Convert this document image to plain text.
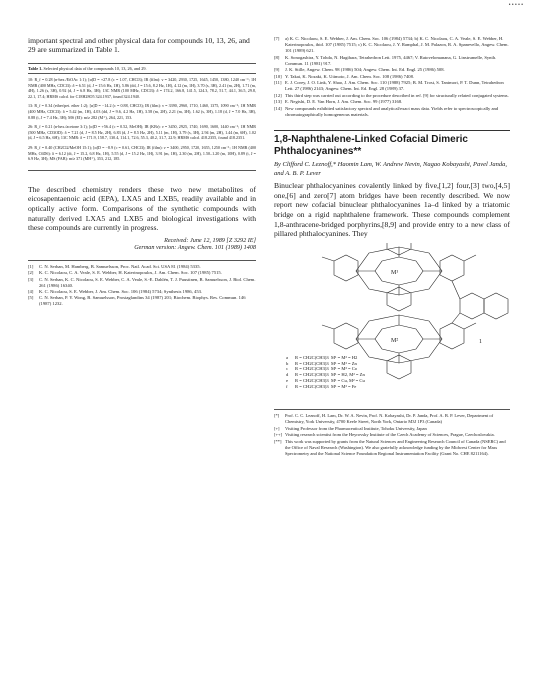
• • • • •

important spectral and other physical data for compounds 10, 13, 26, and 29 are summarized in Table 1.

Table 1. Selected physical data of the compounds 10, 13, 26, and 29.

10: R_f = 0.28 (n-hex./EtOAc 1:1); [α]D = +27.8 (c = 1.07, CHCl3); IR (film): ν = 3420, 2930, 1725, 1645, 1450, 1380, 1240 cm⁻¹; 1H NMR (400 MHz, CDCl3): δ = 6.51 (d, J = 15.6 Hz, 1H), 5.86 (dd, J = 15.6, 8.2 Hz, 1H), 4.12 (m, 1H), 3.70 (s, 3H), 2.41 (m, 2H), 1.71 (m, 4H), 1.26 (s, 3H), 0.92 (d, J = 6.8 Hz, 3H); 13C NMR (100 MHz, CDCl3): δ = 174.2, 166.8, 141.5, 124.3, 78.2, 51.7, 44.1, 36.5, 29.8, 22.1, 17.4; HRMS calcd. for C18H28O5 324.1937, found 324.1940.

13: R_f = 0.34 (ether/pet. ether 1:2); [α]D = −14.2 (c = 0.88, CHCl3); IR (film): ν = 3390, 2960, 1710, 1460, 1375, 1090 cm⁻¹; 1H NMR (400 MHz, CDCl3): δ = 5.42 (m, 1H), 4.03 (dd, J = 9.6, 4.2 Hz, 1H), 3.58 (m, 2H), 2.21 (m, 3H), 1.62 (s, 3H), 1.18 (d, J = 7.0 Hz, 3H), 0.88 (t, J = 7.4 Hz, 3H); MS (EI): m/z 282 (M⁺), 264, 221, 153.

26: R_f = 0.21 (n-hex./acetone 3:1); [α]D = +56.4 (c = 0.52, MeOH); IR (KBr): ν = 3450, 2925, 1740, 1690, 1600, 1440 cm⁻¹; 1H NMR (500 MHz, CD3OD): δ = 7.21 (d, J = 8.5 Hz, 2H), 6.83 (d, J = 8.5 Hz, 2H), 5.11 (m, 1H), 3.79 (s, 3H), 2.94 (m, 2H), 1.44 (m, 6H), 1.02 (d, J = 6.5 Hz, 6H); 13C NMR: δ = 171.9, 158.7, 130.4, 114.1, 72.6, 55.3, 40.2, 31.7, 22.9; HRMS calcd. 418.2355, found 418.2351.

29: R_f = 0.40 (CH2Cl2/MeOH 15:1); [α]D = −8.9 (c = 0.61, CHCl3); IR (film): ν = 3400, 2950, 1720, 1655, 1250 cm⁻¹; 1H NMR (400 MHz, C6D6): δ = 6.12 (dt, J = 15.2, 6.8 Hz, 1H), 5.55 (d, J = 15.2 Hz, 1H), 3.91 (m, 1H), 2.30 (m, 2H), 1.50–1.20 (m, 10H), 0.89 (t, J = 6.9 Hz, 3H); MS (FAB): m/z 371 (MH⁺), 353, 212, 185.

The described chemistry renders these two new metabolites of eicosapentaenoic acid (EPA), LXA5 and LXB5, readily available and in optically active form. Comparisons of the synthetic compounds with naturally derived LXA5 and LXB5 and biological investigations with these compounds are currently in progress.

Received: June 12, 1989 [Z 3292 IE]
German version: Angew. Chem. 101 (1989) 1408
[1]	C. N. Serhan, M. Hamberg, B. Samuelsson, Proc. Natl. Acad. Sci. USA 81 (1984) 5335.
[2]	K. C. Nicolaou, C. A. Veale, S. E. Webber, H. Katerinopoulos, J. Am. Chem. Soc. 107 (1985) 7515.
[3]	C. N. Serhan, K. C. Nicolaou, S. E. Webber, C. A. Veale, S.-E. Dahlén, T. J. Puustinen, B. Samuelsson, J. Biol. Chem. 261 (1986) 16340.
[4]	K. C. Nicolaou, S. E. Webber, J. Am. Chem. Soc. 106 (1984) 5734; Synthesis 1986, 453.
[5]	C. N. Serhan, P. Y. Wong, B. Samuelsson, Prostaglandins 34 (1987) 201; Biochem. Biophys. Res. Commun. 146 (1987) 1232.
[7]	a) K. C. Nicolaou, S. E. Webber, J. Am. Chem. Soc. 106 (1984) 5734; b) K. C. Nicolaou, C. A. Veale, S. E. Webber, H. Katerinopoulos, ibid. 107 (1985) 7515; c) K. C. Nicolaou, J. Y. Ramphal, J. M. Palazon, R. A. Spanevello, Angew. Chem. 101 (1989) 621.
[8]	K. Sonogashira, Y. Tohda, N. Hagihara, Tetrahedron Lett. 1975, 4467; V. Ratovelomanana, G. Linstrumelle, Synth. Commun. 11 (1981) 917.
[9]	J. K. Stille, Angew. Chem. 98 (1986) 504; Angew. Chem. Int. Ed. Engl. 25 (1986) 508.
[10] Y. Takai, K. Nozaki, K. Utimoto, J. Am. Chem. Soc. 108 (1986) 7408.
[11] E. J. Corey, J. O. Link, Y. Shao, J. Am. Chem. Soc. 110 (1988) 7925; B. M. Trost, S. Tanimori, P. T. Dunn, Tetrahedron Lett. 27 (1986) 2143; Angew. Chem. Int. Ed. Engl. 28 (1989) 37.
[12] This third step was carried out according to the procedure described in ref. [9] for structurally related conjugated systems.
[13] E. Negishi, D. E. Van Horn, J. Am. Chem. Soc. 99 (1977) 3168.
[14] New compounds exhibited satisfactory spectral and analytical/exact mass data. Yields refer to spectroscopically and chromatographically homogeneous materials.
1,8-Naphthalene-Linked Cofacial Dimeric Phthalocyanines**
By Clifford C. Leznoff,* Haomin Lam, W. Andrew Nevin, Nagao Kobayashi, Pavel Janda, and A. B. P. Lever

Binuclear phthalocyanines covalently linked by five,[1,2] four,[3] two,[4,5] one,[6] and zero[7] atom bridges have been recently described. We now report new cofacial binuclear phthalocyanines 1a–d linked by a triatomic bridge on a rigid naphthalene framework. These compounds complement 1,8-anthracene-bridged porphyrins,[8,9] and provide entry to a new class of pillared phthalocyanines. They

M¹
M²	1
a	R = CH2C(CH3)3
M¹ = M² = H2
b	R = CH2C(CH3)3
M¹ = M² = Zn
c	R = CH2C(CH3)3
M¹ = M² = Co
d	R = CH2C(CH3)3
M¹ = H2, M² = Zn
e	R = CH2C(CH3)3
M¹ = Cu, M² = Cu
f	R = CH2C(CH3)3
M¹ = M² = Fe
[*]	Prof. C. C. Leznoff, H. Lam, Dr. W. A. Nevin, Prof. N. Kobayashi, Dr. P. Janda, Prof. A. B. P. Lever, Department of Chemistry, York University, 4700 Keele Street, North York, Ontario M3J 1P3 (Canada)
[+]	Visiting Professor from the Pharmaceutical Institute, Tohoku University, Japan
[++] Visiting research scientist from the Heyrovsky Institute of the Czech Academy of Sciences, Prague, Czechoslovakia.
[**] This work was supported by grants from the Natural Sciences and Engineering Research Council of Canada (NSERC) and the Office of Naval Research (Washington). We also gratefully acknowledge funding by the Midwest Center for Mass Spectrometry and the National Science Foundation Regional Instrumentation Facility (Grant No. CHE 8211164).
